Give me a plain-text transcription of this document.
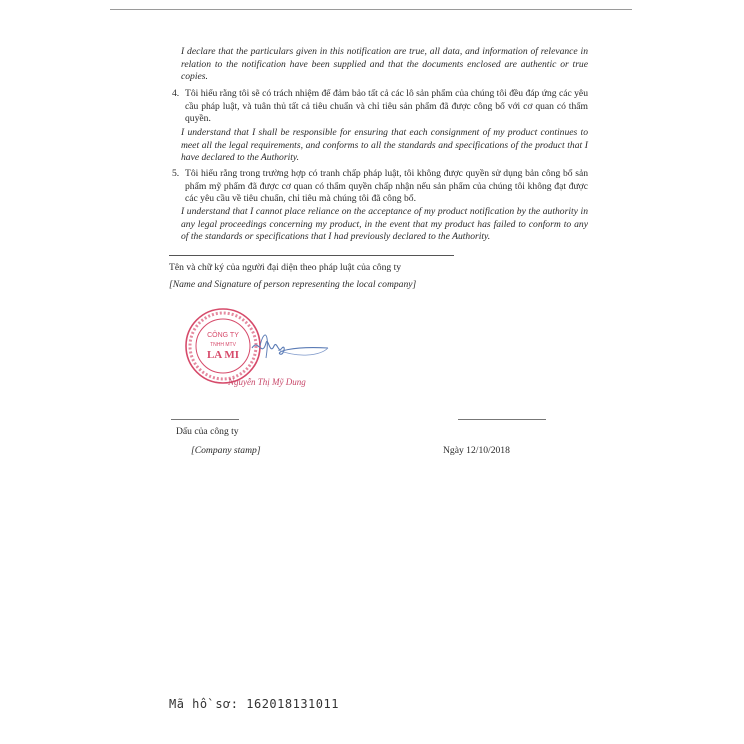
I declare that the particulars given in this notification are true, all data, and information of relevance in relation to the notification have been supplied and that the documents enclosed are authentic or true copies.

4. Tôi hiểu rằng tôi sẽ có trách nhiệm để đảm bảo tất cả các lô sản phẩm của chúng tôi đều đáp ứng các yêu cầu pháp luật, và tuân thủ tất cả tiêu chuẩn và chỉ tiêu sản phẩm đã được công bố với cơ quan có thẩm quyền.

I understand that I shall be responsible for ensuring that each consignment of my product continues to meet all the legal requirements, and conforms to all the standards and specifications of the product that I have declared to the Authority.

5. Tôi hiểu rằng trong trường hợp có tranh chấp pháp luật, tôi không được quyền sử dụng bản công bố sản phẩm mỹ phẩm đã được cơ quan có thẩm quyền chấp nhận nếu sản phẩm của chúng tôi không đạt được các yêu cầu về tiêu chuẩn, chỉ tiêu mà chúng tôi đã công bố.

I understand that I cannot place reliance on the acceptance of my product notification by the authority in any legal proceedings concerning my product, in the event that my product has failed to conform to any of the standards or specifications that I had previously declared to the Authority.

Tên và chữ ký của người đại diện theo pháp luật của công ty

[Name and Signature of person representing the local company]

CÔNG TY
TNHH MTV
LA MI
Nguyễn Thị Mỹ Dung

Dấu của công ty

[Company stamp]	Ngày 12/10/2018

Mã hồ sơ: 162018131011
